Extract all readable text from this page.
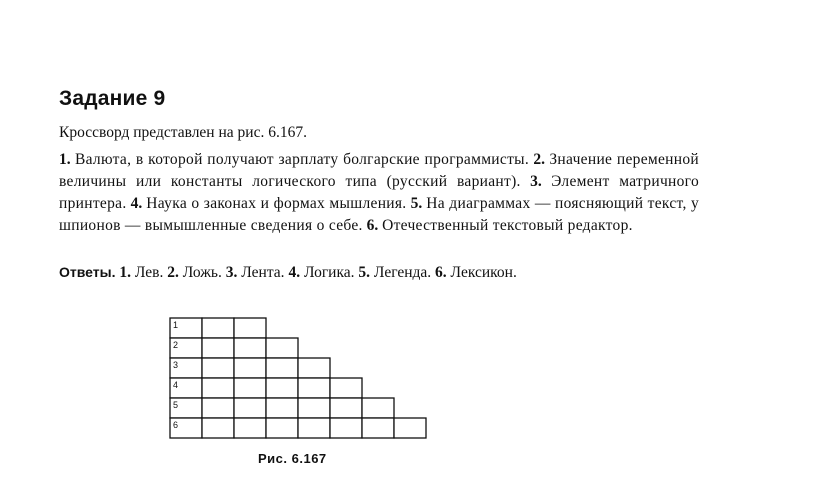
Задание 9
Кроссворд представлен на рис. 6.167.
1. Валюта, в которой получают зарплату болгарские программисты. 2. Значение переменной величины или константы логического типа (русский вариант). 3. Элемент матричного принтера. 4. Наука о законах и формах мышления. 5. На диаграммах — поясняющий текст, у шпионов — вымышленные сведения о себе. 6. Отечественный текстовый редактор.
Ответы. 1. Лев. 2. Ложь. 3. Лента. 4. Логика. 5. Легенда. 6. Лексикон.
1
2
3
4
5
6
Рис. 6.167
